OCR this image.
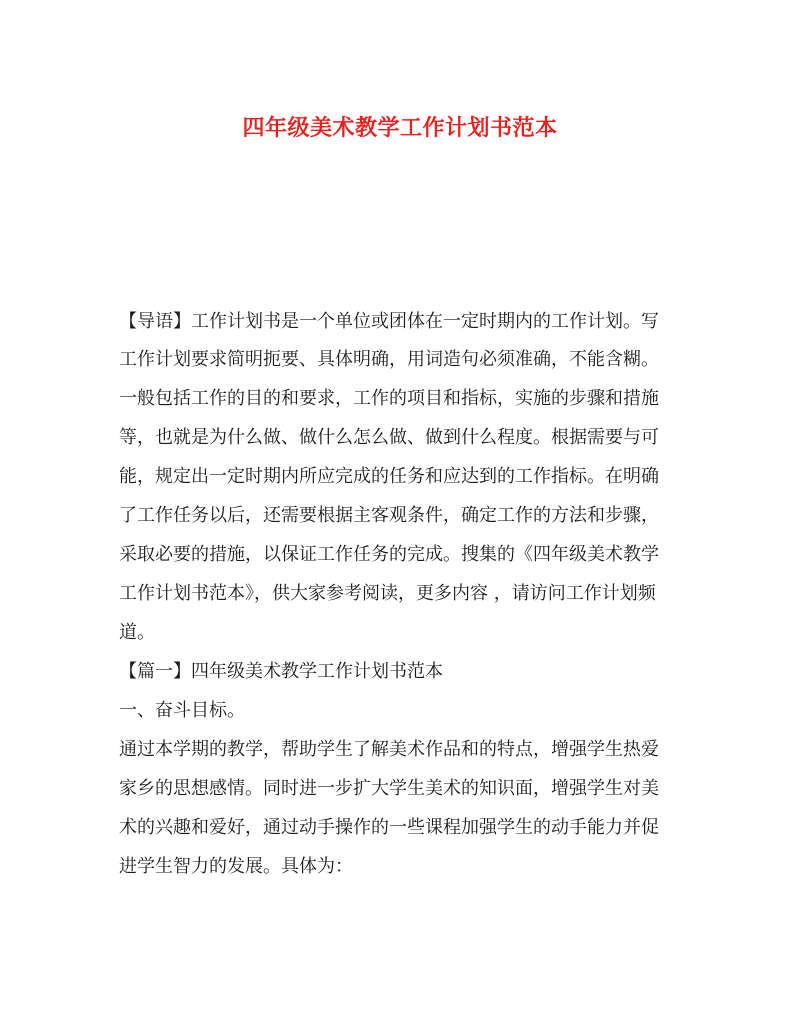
四年级美术教学工作计划书范本
【导语】工作计划书是一个单位或团体在一定时期内的工作计划。写
工作计划要求简明扼要、具体明确，用词造句必须准确，不能含糊。
一般包括工作的目的和要求，工作的项目和指标，实施的步骤和措施
等，也就是为什么做、做什么怎么做、做到什么程度。根据需要与可
能，规定出一定时期内所应完成的任务和应达到的工作指标。在明确
了工作任务以后，还需要根据主客观条件，确定工作的方法和步骤，
采取必要的措施，以保证工作任务的完成。搜集的《四年级美术教学
工作计划书范本》，供大家参考阅读，更多内容 ，请访问工作计划频
道。
【篇一】四年级美术教学工作计划书范本
一、奋斗目标。
通过本学期的教学，帮助学生了解美术作品和的特点，增强学生热爱
家乡的思想感情。同时进一步扩大学生美术的知识面，增强学生对美
术的兴趣和爱好，通过动手操作的一些课程加强学生的动手能力并促
进学生智力的发展。具体为：
